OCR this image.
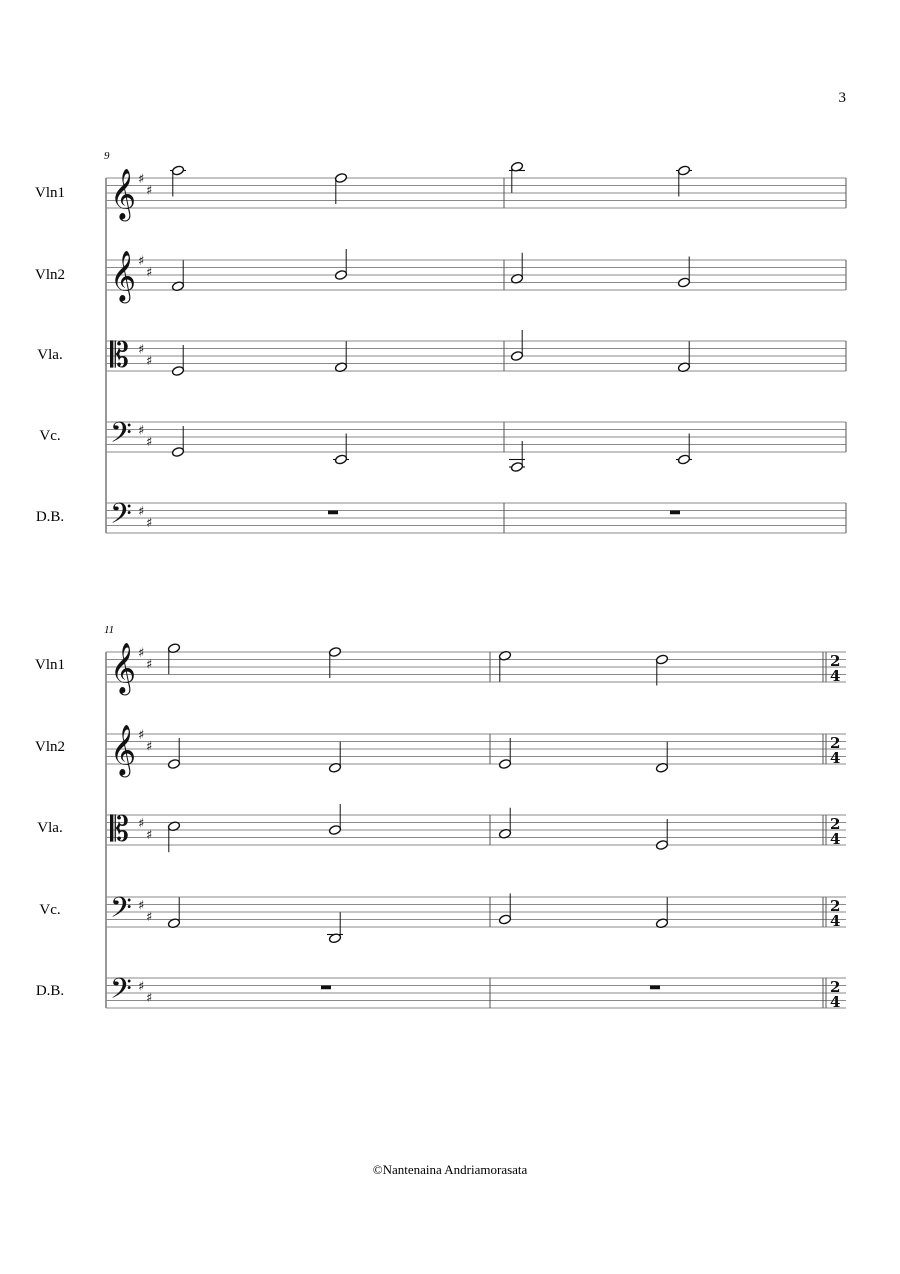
3
9
11
Vln1
Vln2
Vla.
Vc.
D.B.
Vln1
Vln2
Vla.
Vc.
D.B.
𝄞 ♯
♯
𝄞 ♯
♯
𝄡 ♯
♯
𝄢 ♯
♯
𝄢 ♯
♯
𝄞 ♯
♯	2
4
𝄞 ♯
♯	2
4
𝄡 ♯
♯
2
4
𝄢 ♯
♯
2
4
𝄢 ♯
♯
2
4
©Nantenaina Andriamorasata
